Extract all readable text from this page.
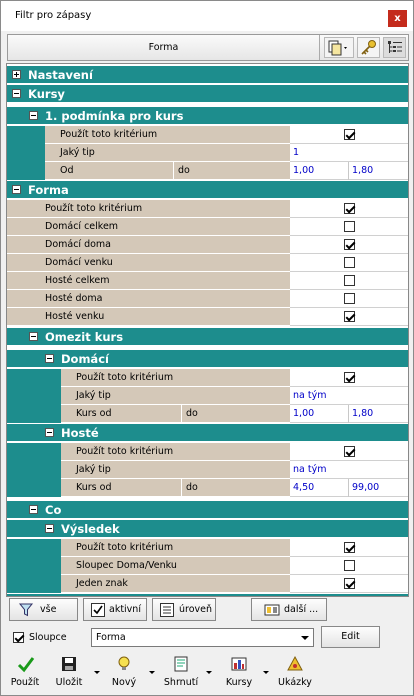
Filtr pro zápasy	x
Forma
Nastavení
Kursy
1. podmínka pro kurs
Použít toto kritérium
Jaký tip	1
Od	do	1,00	1,80
Forma
Použít toto kritérium
Domácí celkem
Domácí doma
Domácí venku
Hosté celkem
Hosté doma
Hosté venku
Omezit kurs
Domácí
Použít toto kritérium
Jaký tip	na tým
Kurs od	do	1,00	1,80
Hosté
Použít toto kritérium
Jaký tip	na tým
Kurs od	do	4,50	99,00
Co
Výsledek
Použít toto kritérium
Sloupec Doma/Venku
Jeden znak
vše	aktivní	úroveň	další ...
Sloupce	Forma	Edit
Použít	Uložit	Nový	Shrnutí	Kursy	Ukázky
